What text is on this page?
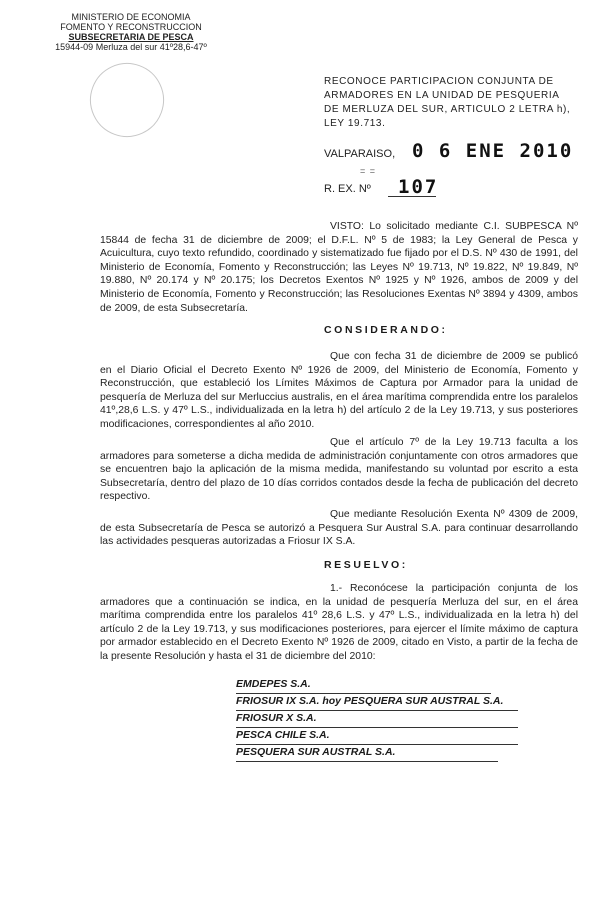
MINISTERIO DE ECONOMIA
FOMENTO Y RECONSTRUCCION
SUBSECRETARIA DE PESCA
15944-09 Merluza del sur 41º28,6-47º
RECONOCE PARTICIPACION CONJUNTA DE ARMADORES EN LA UNIDAD DE PESQUERIA DE MERLUZA DEL SUR, ARTICULO 2 LETRA h), LEY 19.713.
VALPARAISO, 0 6 ENE 2010
= =
R. EX. Nº 107
VISTO: Lo solicitado mediante C.I. SUBPESCA Nº 15844 de fecha 31 de diciembre de 2009; el D.F.L. Nº 5 de 1983; la Ley General de Pesca y Acuicultura, cuyo texto refundido, coordinado y sistematizado fue fijado por el D.S. Nº 430 de 1991, del Ministerio de Economía, Fomento y Reconstrucción; las Leyes Nº 19.713, Nº 19.822, Nº 19.849, Nº 19.880, Nº 20.174 y Nº 20.175; los Decretos Exentos Nº 1925 y Nº 1926, ambos de 2009 y del Ministerio de Economía, Fomento y Reconstrucción; las Resoluciones Exentas Nº 3894 y 4309, ambos de 2009, de esta Subsecretaría.
CONSIDERANDO:
Que con fecha 31 de diciembre de 2009 se publicó en el Diario Oficial el Decreto Exento Nº 1926 de 2009, del Ministerio de Economía, Fomento y Reconstrucción, que estableció los Límites Máximos de Captura por Armador para la unidad de pesquería de Merluza del sur Merluccius australis, en el área marítima comprendida entre los paralelos 41º,28,6 L.S. y 47º L.S., individualizada en la letra h) del artículo 2 de la Ley 19.713, y sus posteriores modificaciones, correspondientes al año 2010.
Que el artículo 7º de la Ley 19.713 faculta a los armadores para someterse a dicha medida de administración conjuntamente con otros armadores que se encuentren bajo la aplicación de la misma medida, manifestando su voluntad por escrito a esta Subsecretaría, dentro del plazo de 10 días corridos contados desde la fecha de publicación del decreto respectivo.
Que mediante Resolución Exenta Nº 4309 de 2009, de esta Subsecretaría de Pesca se autorizó a Pesquera Sur Austral S.A. para continuar desarrollando las actividades pesqueras autorizadas a Friosur IX S.A.
RESUELVO:
1.- Reconócese la participación conjunta de los armadores que a continuación se indica, en la unidad de pesquería Merluza del sur, en el área marítima comprendida entre los paralelos 41º 28,6 L.S. y 47º L.S., individualizada en la letra h) del artículo 2 de la Ley 19.713, y sus modificaciones posteriores, para ejercer el límite máximo de captura por armador establecido en el Decreto Exento Nº 1926 de 2009, citado en Visto, a partir de la fecha de la presente Resolución y hasta el 31 de diciembre del 2010:
EMDEPES S.A.
FRIOSUR IX S.A. hoy PESQUERA SUR AUSTRAL S.A.
FRIOSUR X S.A.
PESCA CHILE S.A.
PESQUERA SUR AUSTRAL S.A.
